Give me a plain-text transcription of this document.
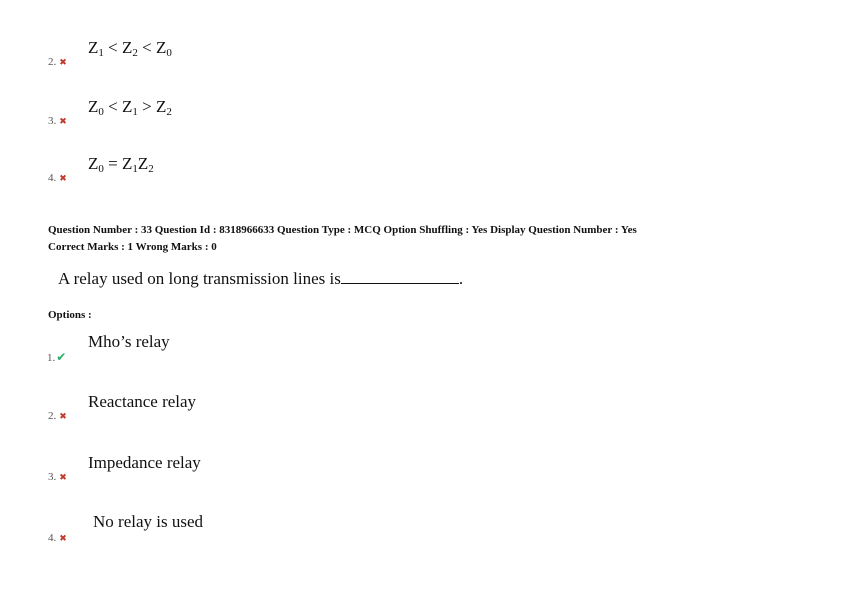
$Z_1 < Z_2 < Z_0$
2. ✖
$Z_0 < Z_1 > Z_2$
3. ✖
$Z_0 = Z_1Z_2$
4. ✖
Question Number : 33 Question Id : 8318966633 Question Type : MCQ Option Shuffling : Yes Display Question Number : Yes
Correct Marks : 1 Wrong Marks : 0
A relay used on long transmission lines is	.
Options :
Mho’s relay
1.✔
Reactance relay
2. ✖
Impedance relay
3. ✖
No relay is used
4. ✖
